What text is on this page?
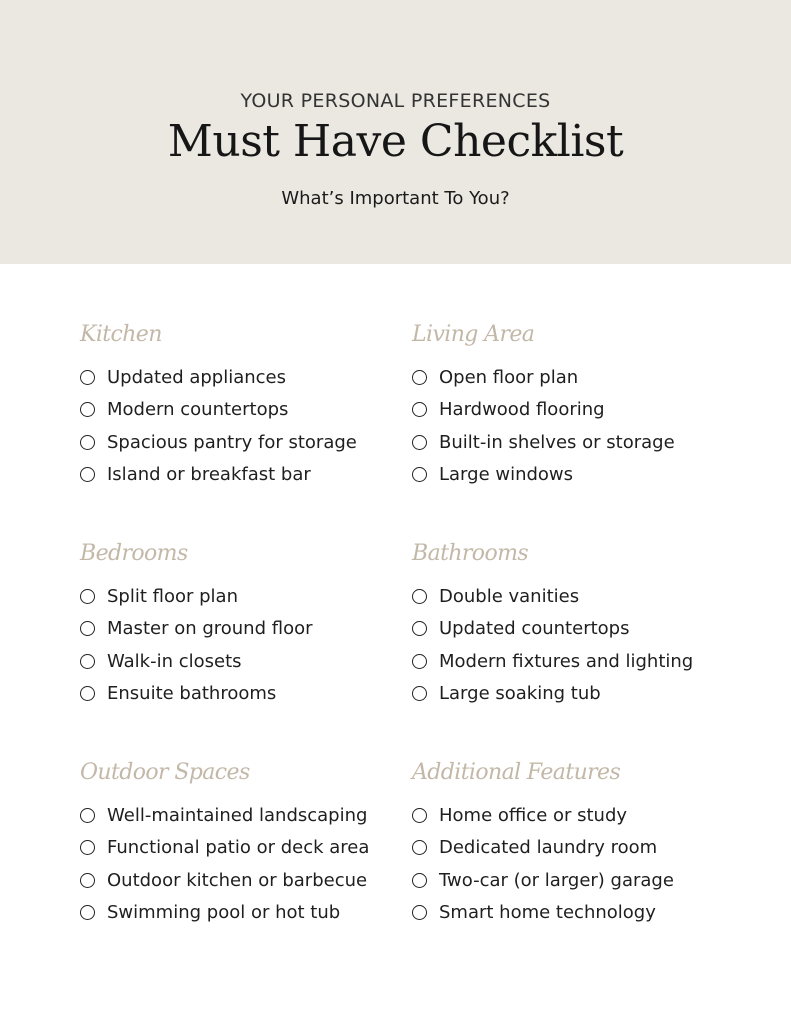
YOUR PERSONAL PREFERENCES
Must Have Checklist
What’s Important To You?
Kitchen
Updated appliances
Modern countertops
Spacious pantry for storage
Island or breakfast bar
Living Area
Open floor plan
Hardwood flooring
Built-in shelves or storage
Large windows
Bedrooms
Split floor plan
Master on ground floor
Walk-in closets
Ensuite bathrooms
Bathrooms
Double vanities
Updated countertops
Modern fixtures and lighting
Large soaking tub
Outdoor Spaces
Well-maintained landscaping
Functional patio or deck area
Outdoor kitchen or barbecue
Swimming pool or hot tub
Additional Features
Home office or study
Dedicated laundry room
Two-car (or larger) garage
Smart home technology
